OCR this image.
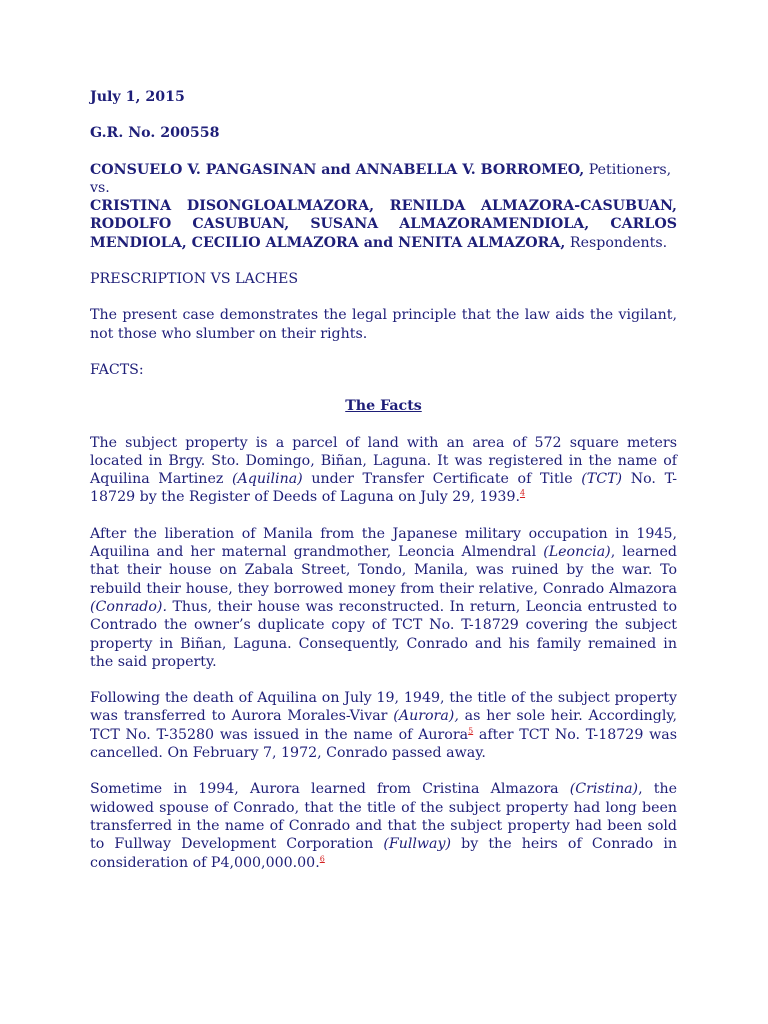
July 1, 2015
G.R. No. 200558

CONSUELO V. PANGASINAN and ANNABELLA V. BORROMEO, Petitioners,

vs.

CRISTINA DISONGLOALMAZORA, RENILDA ALMAZORA-CASUBUAN,

RODOLFO CASUBUAN, SUSANA ALMAZORAMENDIOLA, CARLOS

MENDIOLA, CECILIO ALMAZORA and NENITA ALMAZORA, Respondents.

PRESCRIPTION VS LACHES

The present case demonstrates the legal principle that the law aids the vigilant, not those who slumber on their rights.

FACTS:

The Facts

The subject property is a parcel of land with an area of 572 square meters located in Brgy. Sto. Domingo, Biñan, Laguna. It was registered in the name of Aquilina Martinez (Aquilina) under Transfer Certificate of Title (TCT) No. T-18729 by the Register of Deeds of Laguna on July 29, 1939.$^4$

After the liberation of Manila from the Japanese military occupation in 1945, Aquilina and her maternal grandmother, Leoncia Almendral (Leoncia), learned that their house on Zabala Street, Tondo, Manila, was ruined by the war. To rebuild their house, they borrowed money from their relative, Conrado Almazora (Conrado). Thus, their house was reconstructed. In return, Leoncia entrusted to Contrado the owner’s duplicate copy of TCT No. T-18729 covering the subject property in Biñan, Laguna. Consequently, Conrado and his family remained in the said property.

Following the death of Aquilina on July 19, 1949, the title of the subject property was transferred to Aurora Morales-Vivar (Aurora), as her sole heir. Accordingly, TCT No. T-35280 was issued in the name of Aurora$^5$ after TCT No. T-18729 was cancelled. On February 7, 1972, Conrado passed away.

Sometime in 1994, Aurora learned from Cristina Almazora (Cristina), the widowed spouse of Conrado, that the title of the subject property had long been transferred in the name of Conrado and that the subject property had been sold to Fullway Development Corporation (Fullway) by the heirs of Conrado in consideration of P4,000,000.00.$^6$
